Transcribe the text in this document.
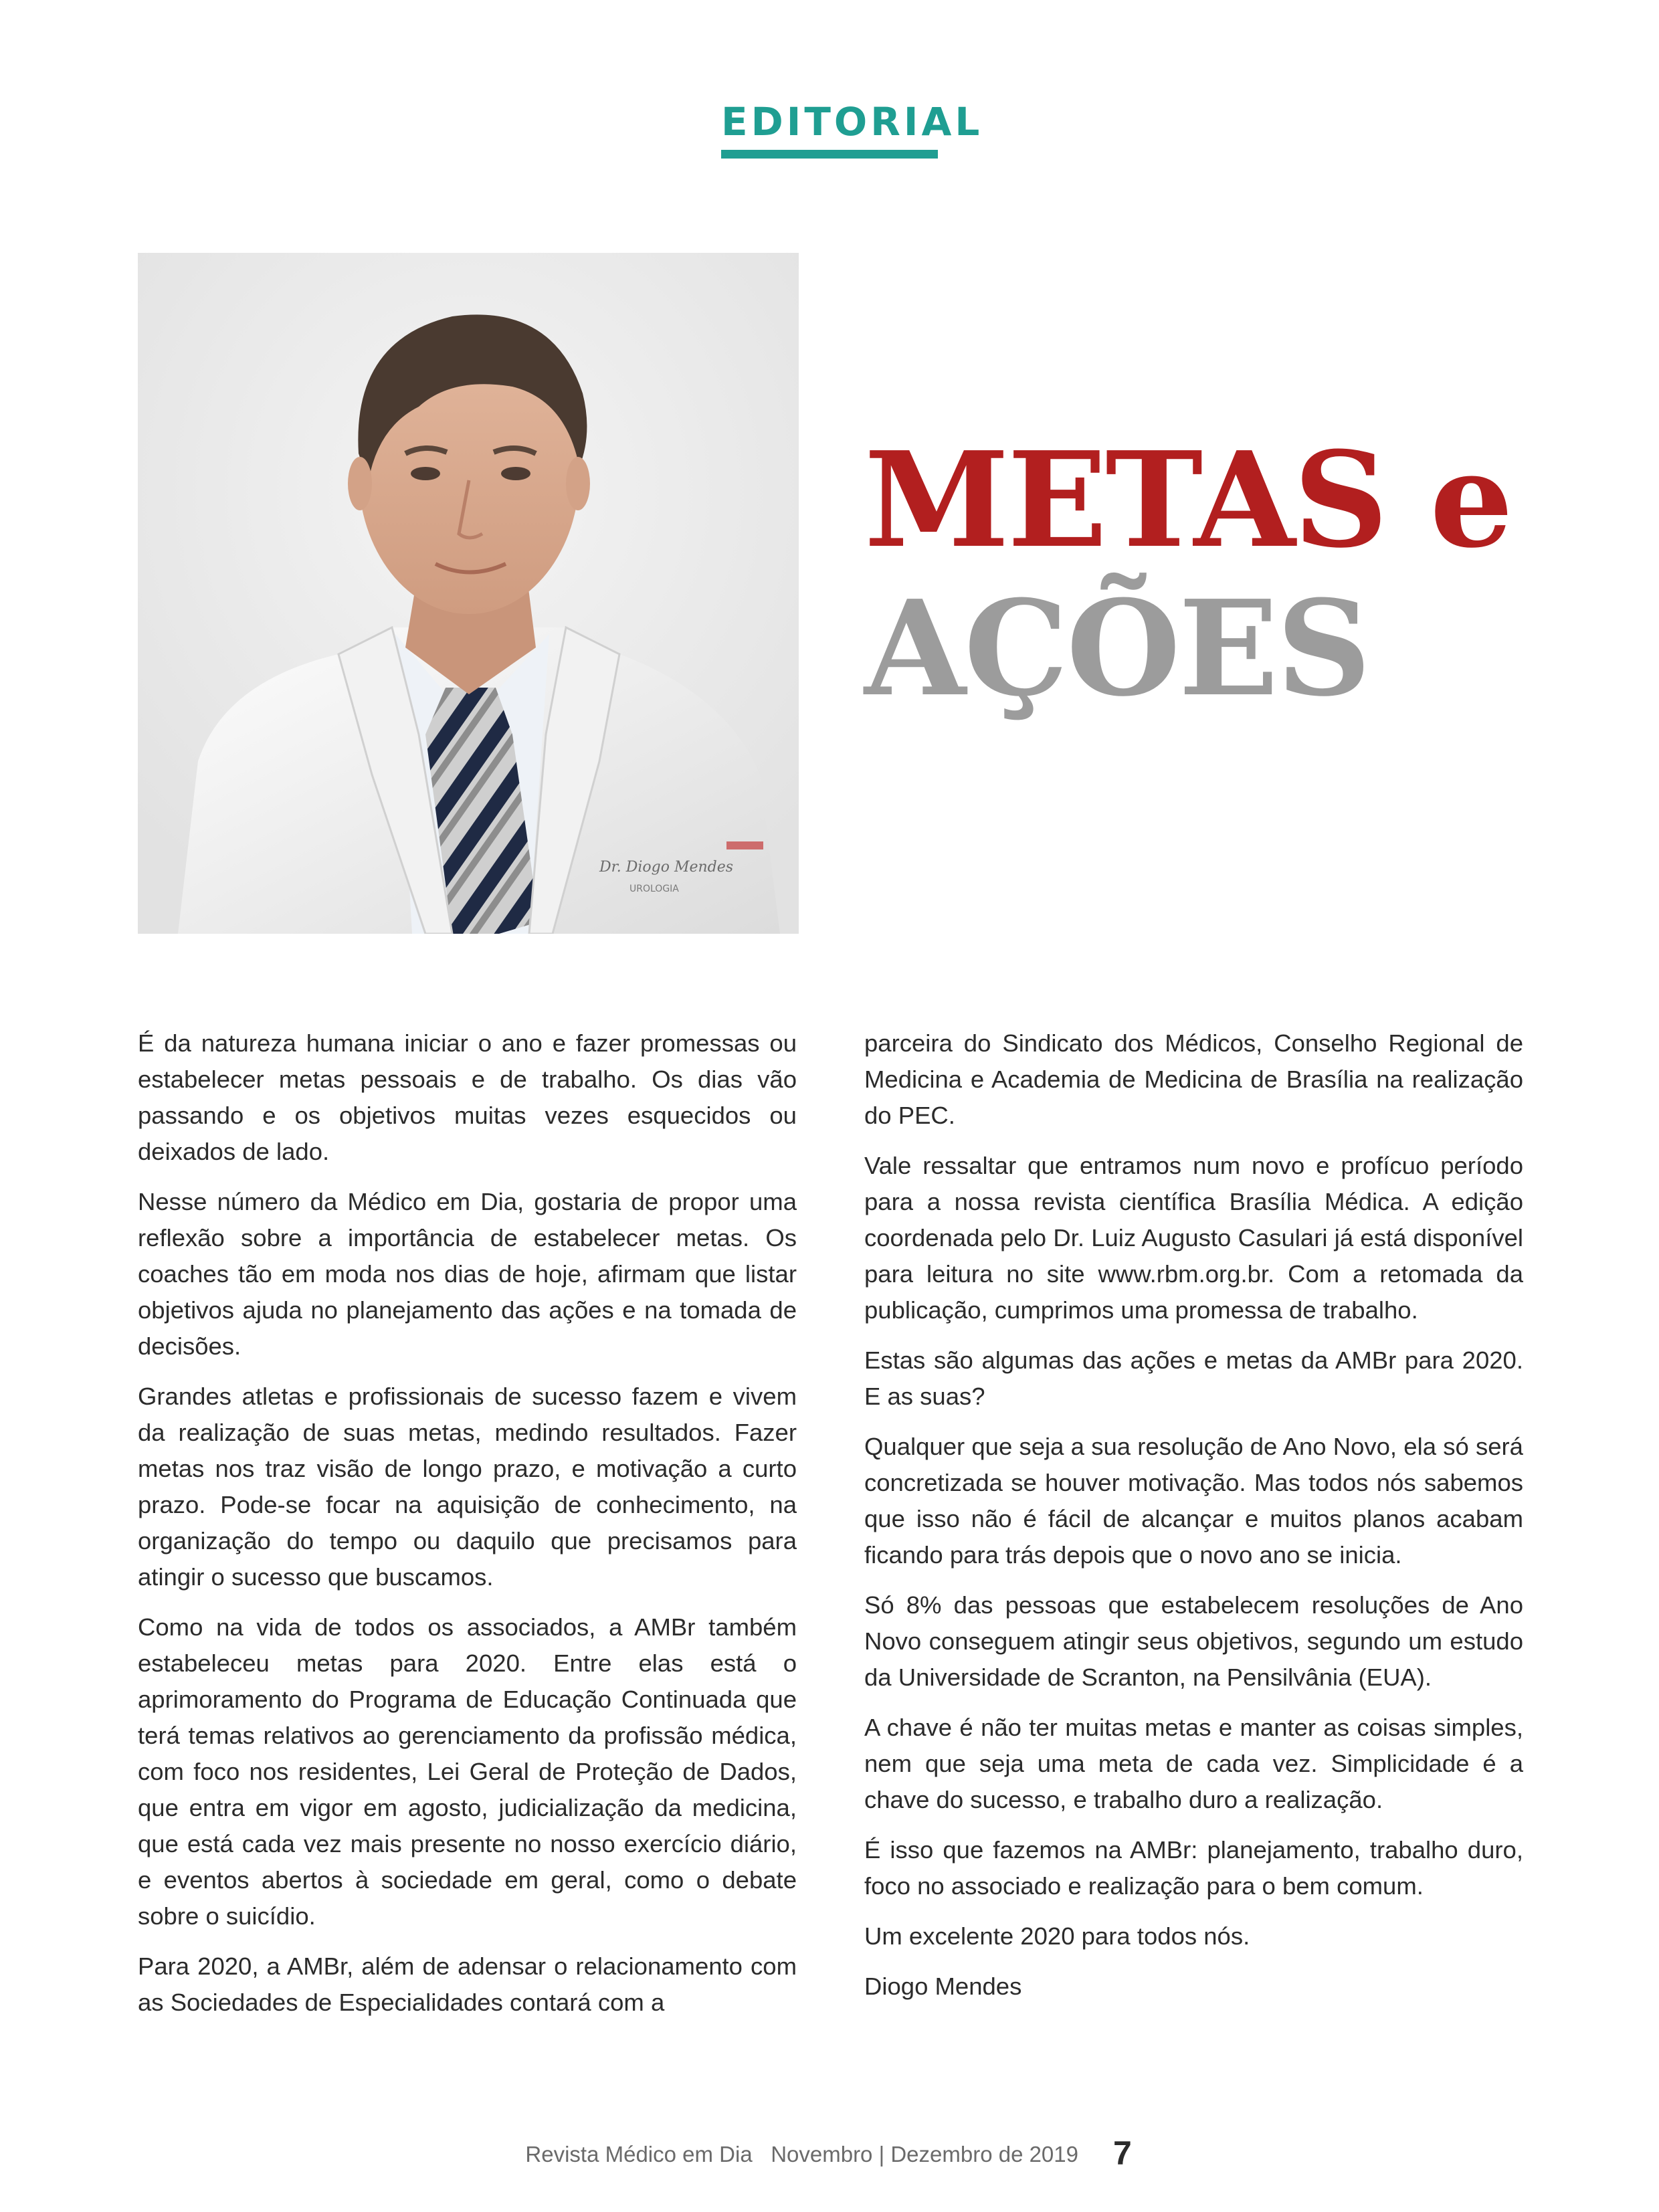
EDITORIAL
Dr. Diogo Mendes
UROLOGIA
METAS e
AÇÕES

É da natureza humana iniciar o ano e fazer promessas ou estabelecer metas pessoais e de trabalho. Os dias vão passando e os objetivos muitas vezes esquecidos ou deixados de lado.

Nesse número da Médico em Dia, gostaria de propor uma reflexão sobre a importância de estabelecer metas. Os coaches tão em moda nos dias de hoje, afirmam que listar objetivos ajuda no planejamento das ações e na tomada de decisões.

Grandes atletas e profissionais de sucesso fazem e vivem da realização de suas metas, medindo resultados. Fazer metas nos traz visão de longo prazo, e motivação a curto prazo. Pode-se focar na aquisição de conhecimento, na organização do tempo ou daquilo que precisamos para atingir o sucesso que buscamos.

Como na vida de todos os associados, a AMBr também estabeleceu metas para 2020. Entre elas está o aprimoramento do Programa de Educação Continuada que terá temas relativos ao gerenciamento da profissão médica, com foco nos residentes, Lei Geral de Proteção de Dados, que entra em vigor em agosto, judicialização da medicina, que está cada vez mais presente no nosso exercício diário, e eventos abertos à sociedade em geral, como o debate sobre o suicídio.

Para 2020, a AMBr, além de adensar o relacionamento com as Sociedades de Especialidades contará com a

parceira do Sindicato dos Médicos, Conselho Regional de Medicina e Academia de Medicina de Brasília na realização do PEC.

Vale ressaltar que entramos num novo e profícuo período para a nossa revista científica Brasília Médica. A edição coordenada pelo Dr. Luiz Augusto Casulari já está disponível para leitura no site www.rbm.org.br. Com a retomada da publicação, cumprimos uma promessa de trabalho.

Estas são algumas das ações e metas da AMBr para 2020. E as suas?

Qualquer que seja a sua resolução de Ano Novo, ela só será concretizada se houver motivação. Mas todos nós sabemos que isso não é fácil de alcançar e muitos planos acabam ficando para trás depois que o novo ano se inicia.

Só 8% das pessoas que estabelecem resoluções de Ano Novo conseguem atingir seus objetivos, segundo um estudo da Universidade de Scranton, na Pensilvânia (EUA).

A chave é não ter muitas metas e manter as coisas simples, nem que seja uma meta de cada vez. Simplicidade é a chave do sucesso, e trabalho duro a realização.

É isso que fazemos na AMBr: planejamento, trabalho duro, foco no associado e realização para o bem comum.

Um excelente 2020 para todos nós.

Diogo Mendes

Revista Médico em Dia Novembro | Dezembro de 2019 7
